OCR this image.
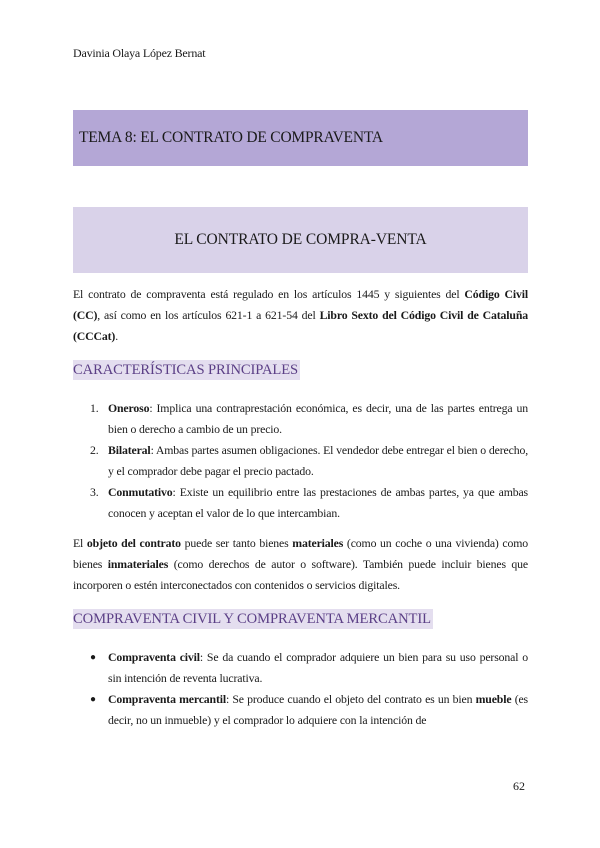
Davinia Olaya López Bernat
TEMA 8: EL CONTRATO DE COMPRAVENTA
EL CONTRATO DE COMPRA-VENTA

El contrato de compraventa está regulado en los artículos 1445 y siguientes del Código Civil (CC), así como en los artículos 621-1 a 621-54 del Libro Sexto del Código Civil de Cataluña (CCCat).

CARACTERÍSTICAS PRINCIPALES
1. Oneroso: Implica una contraprestación económica, es decir, una de las partes entrega un bien o derecho a cambio de un precio.
2. Bilateral: Ambas partes asumen obligaciones. El vendedor debe entregar el bien o derecho, y el comprador debe pagar el precio pactado.
3. Conmutativo: Existe un equilibrio entre las prestaciones de ambas partes, ya que ambas conocen y aceptan el valor de lo que intercambian.

El objeto del contrato puede ser tanto bienes materiales (como un coche o una vivienda) como bienes inmateriales (como derechos de autor o software). También puede incluir bienes que incorporen o estén interconectados con contenidos o servicios digitales.

COMPRAVENTA CIVIL Y COMPRAVENTA MERCANTIL
● Compraventa civil: Se da cuando el comprador adquiere un bien para su uso personal o sin intención de reventa lucrativa.
● Compraventa mercantil: Se produce cuando el objeto del contrato es un bien mueble (es decir, no un inmueble) y el comprador lo adquiere con la intención de
62
